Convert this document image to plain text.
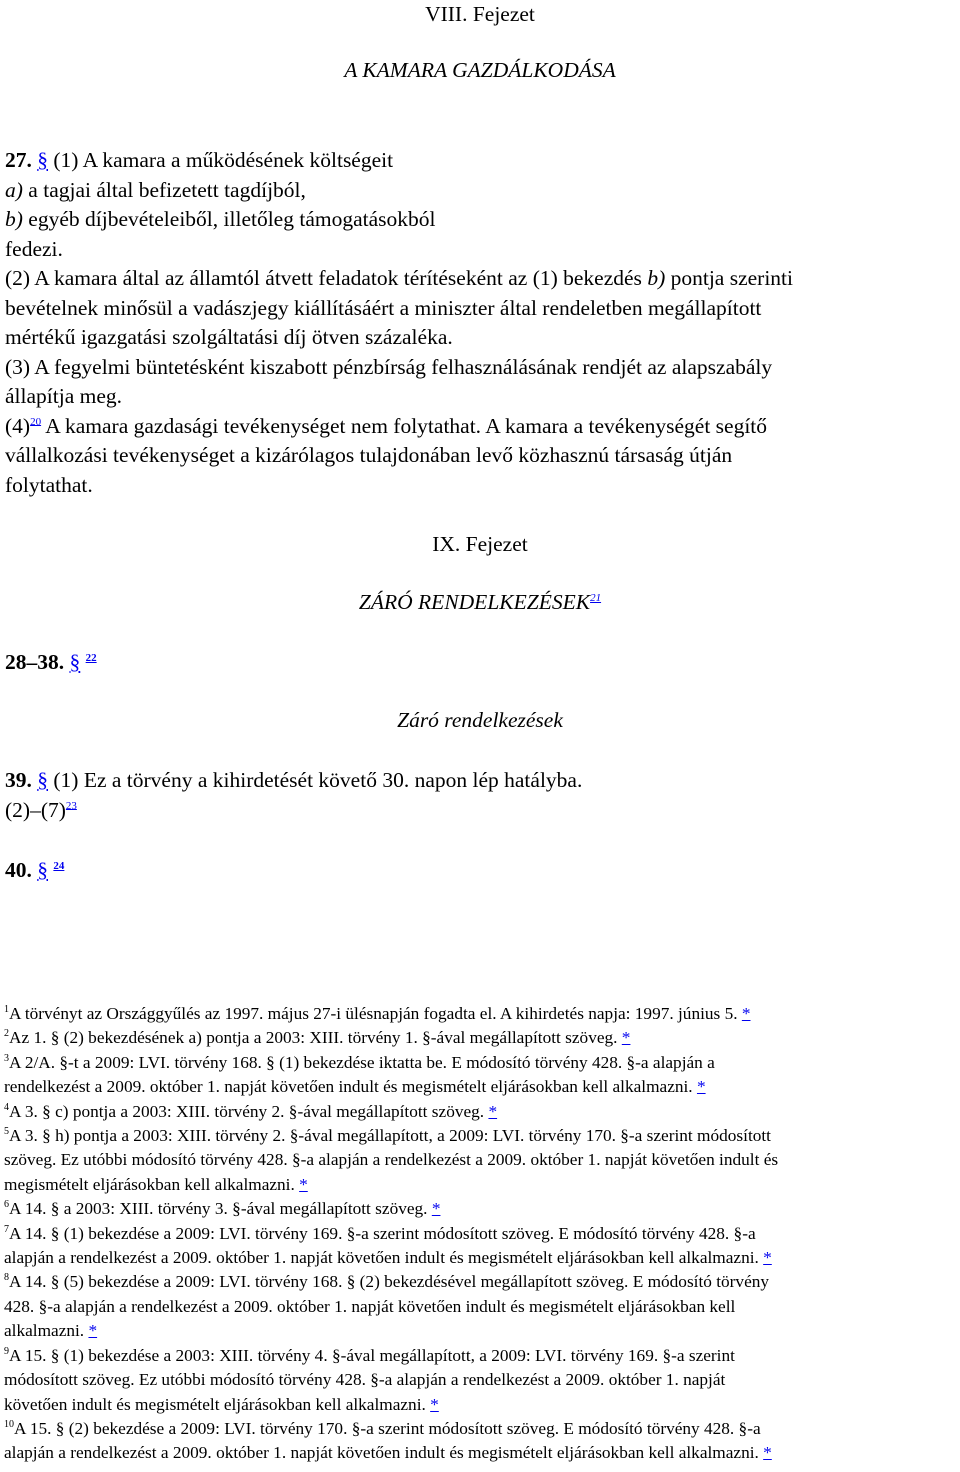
VIII. Fejezet
A KAMARA GAZDÁLKODÁSA

27. § (1) A kamara a működésének költségeit

a) a tagjai által befizetett tagdíjból,

b) egyéb díjbevételeiből, illetőleg támogatásokból

fedezi.

(2) A kamara által az államtól átvett feladatok térítéseként az (1) bekezdés b) pontja szerinti

bevételnek minősül a vadászjegy kiállításáért a miniszter által rendeletben megállapított

mértékű igazgatási szolgáltatási díj ötven százaléka.

(3) A fegyelmi büntetésként kiszabott pénzbírság felhasználásának rendjét az alapszabály

állapítja meg.

(4)$^{20}$ A kamara gazdasági tevékenységet nem folytathat. A kamara a tevékenységét segítő

vállalkozási tevékenységet a kizárólagos tulajdonában levő közhasznú társaság útján

folytathat.

IX. Fejezet
ZÁRÓ RENDELKEZÉSEK$^{21}$
28–38. § $^{22}$
Záró rendelkezések

39. § (1) Ez a törvény a kihirdetését követő 30. napon lép hatályba.

(2)–(7)$^{23}$

40. § $^{24}$

$^1$A törvényt az Országgyűlés az 1997. május 27-i ülésnapján fogadta el. A kihirdetés napja: 1997. június 5. *

$^2$Az 1. § (2) bekezdésének a) pontja a 2003: XIII. törvény 1. §-ával megállapított szöveg. *

$^3$A 2/A. §-t a 2009: LVI. törvény 168. § (1) bekezdése iktatta be. E módosító törvény 428. §-a alapján a

rendelkezést a 2009. október 1. napját követően indult és megismételt eljárásokban kell alkalmazni. *

$^4$A 3. § c) pontja a 2003: XIII. törvény 2. §-ával megállapított szöveg. *

$^5$A 3. § h) pontja a 2003: XIII. törvény 2. §-ával megállapított, a 2009: LVI. törvény 170. §-a szerint módosított

szöveg. Ez utóbbi módosító törvény 428. §-a alapján a rendelkezést a 2009. október 1. napját követően indult és

megismételt eljárásokban kell alkalmazni. *

$^6$A 14. § a 2003: XIII. törvény 3. §-ával megállapított szöveg. *

$^7$A 14. § (1) bekezdése a 2009: LVI. törvény 169. §-a szerint módosított szöveg. E módosító törvény 428. §-a

alapján a rendelkezést a 2009. október 1. napját követően indult és megismételt eljárásokban kell alkalmazni. *

$^8$A 14. § (5) bekezdése a 2009: LVI. törvény 168. § (2) bekezdésével megállapított szöveg. E módosító törvény

428. §-a alapján a rendelkezést a 2009. október 1. napját követően indult és megismételt eljárásokban kell

alkalmazni. *

$^9$A 15. § (1) bekezdése a 2003: XIII. törvény 4. §-ával megállapított, a 2009: LVI. törvény 169. §-a szerint

módosított szöveg. Ez utóbbi módosító törvény 428. §-a alapján a rendelkezést a 2009. október 1. napját

követően indult és megismételt eljárásokban kell alkalmazni. *

$^{10}$A 15. § (2) bekezdése a 2009: LVI. törvény 170. §-a szerint módosított szöveg. E módosító törvény 428. §-a

alapján a rendelkezést a 2009. október 1. napját követően indult és megismételt eljárásokban kell alkalmazni. *
